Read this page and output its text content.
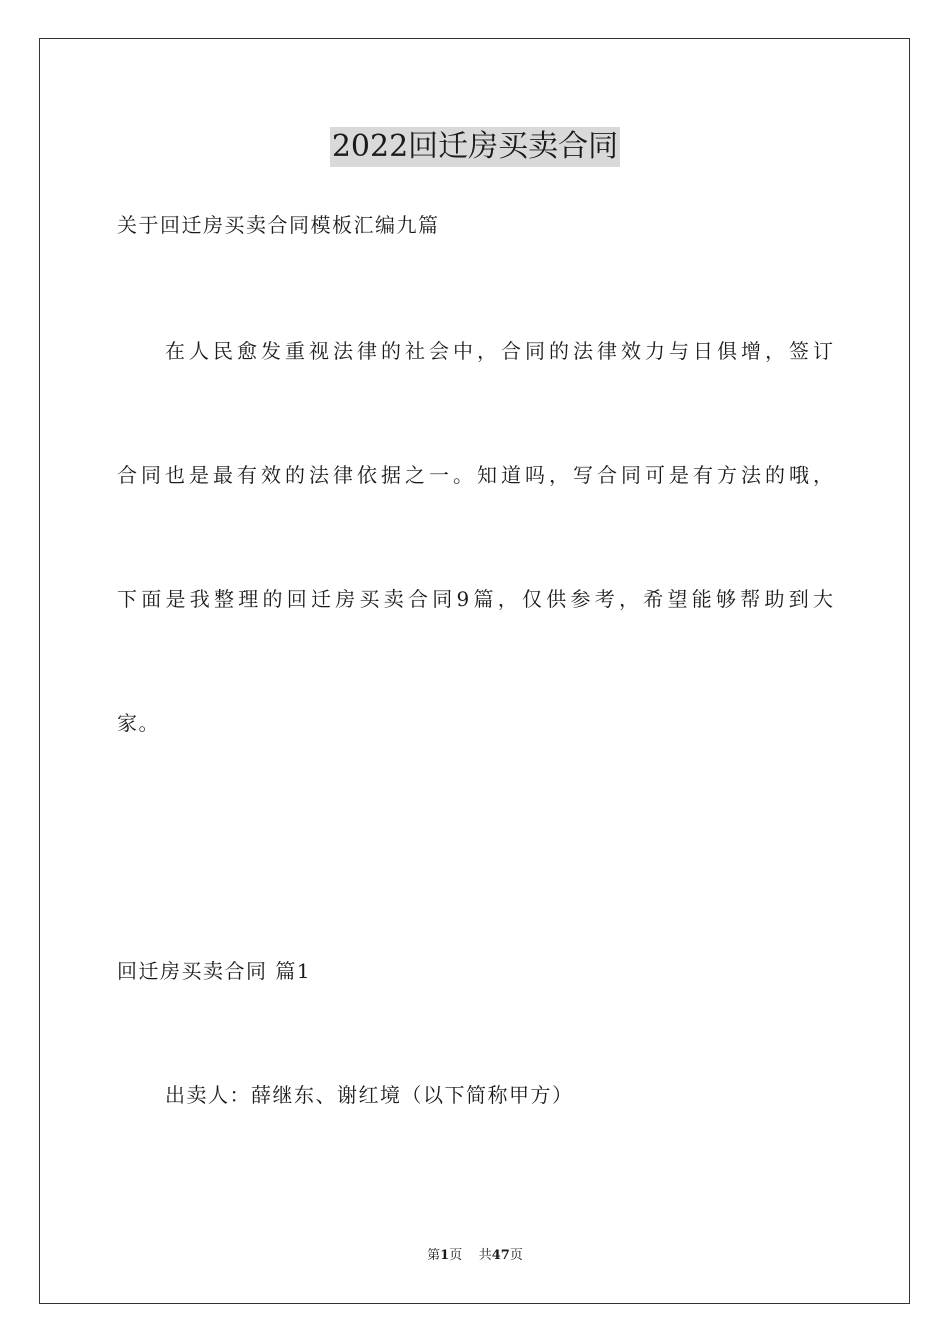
2022回迁房买卖合同
关于回迁房买卖合同模板汇编九篇
在人民愈发重视法律的社会中，合同的法律效力与日俱增，签订
合同也是最有效的法律依据之一。知道吗，写合同可是有方法的哦，
下面是我整理的回迁房买卖合同9篇，仅供参考，希望能够帮助到大
家。
回迁房买卖合同 篇1
出卖人：薛继东、谢红境（以下简称甲方）
第1页 共47页
